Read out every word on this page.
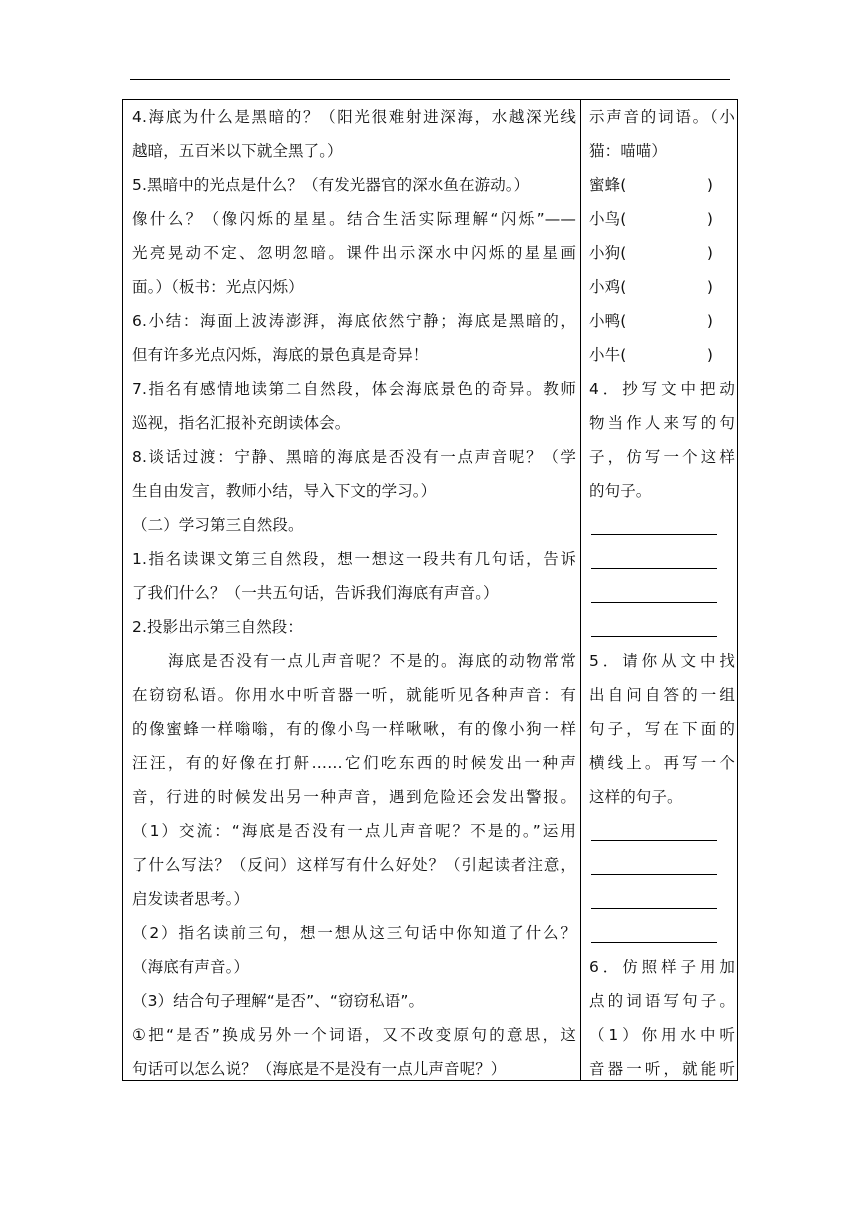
4.海底为什么是黑暗的？（阳光很难射进深海，水越深光线
越暗，五百米以下就全黑了。）
5.黑暗中的光点是什么？（有发光器官的深水鱼在游动。）
像什么？（像闪烁的星星。结合生活实际理解“闪烁”——
光亮晃动不定、忽明忽暗。课件出示深水中闪烁的星星画
面。）（板书：光点闪烁）
6.小结：海面上波涛澎湃，海底依然宁静；海底是黑暗的，
但有许多光点闪烁，海底的景色真是奇异！
7.指名有感情地读第二自然段，体会海底景色的奇异。教师
巡视，指名汇报补充朗读体会。
8.谈话过渡：宁静、黑暗的海底是否没有一点声音呢？（学
生自由发言，教师小结，导入下文的学习。）
（二）学习第三自然段。
1.指名读课文第三自然段，想一想这一段共有几句话，告诉
了我们什么？（一共五句话，告诉我们海底有声音。）
2.投影出示第三自然段：
海底是否没有一点儿声音呢？不是的。海底的动物常常
在窃窃私语。你用水中听音器一听，就能听见各种声音：有
的像蜜蜂一样嗡嗡，有的像小鸟一样啾啾，有的像小狗一样
汪汪，有的好像在打鼾……它们吃东西的时候发出一种声
音，行进的时候发出另一种声音，遇到危险还会发出警报。
（1）交流：“海底是否没有一点儿声音呢？不是的。”运用
了什么写法？（反问）这样写有什么好处？（引起读者注意，
启发读者思考。）
（2）指名读前三句，想一想从这三句话中你知道了什么？
（海底有声音。）
（3）结合句子理解“是否”、“窃窃私语”。
①把“是否”换成另外一个词语，又不改变原句的意思，这
句话可以怎么说？（海底是不是没有一点儿声音呢？）
示声音的词语。（小
猫：喵喵）
蜜蜂(	)
小鸟(	)
小狗(	)
小鸡(	)
小鸭(	)
小牛(	)
4．抄写文中把动
物当作人来写的句
子，仿写一个这样
的句子。
5．请你从文中找
出自问自答的一组
句子，写在下面的
横线上。再写一个
这样的句子。
6．仿照样子用加
点的词语写句子。
（1）你用水中听
音器一听，就能听
